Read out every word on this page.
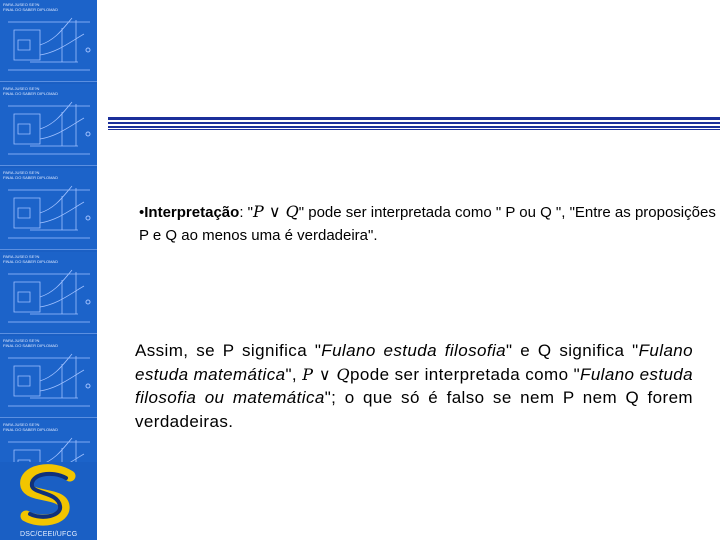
PARA JUSEO SE?N
FINAL DO SABER DIPLOMAD
PARA JUSEO SE?N
FINAL DO SABER DIPLOMAD
PARA JUSEO SE?N
FINAL DO SABER DIPLOMAD
PARA JUSEO SE?N
FINAL DO SABER DIPLOMAD
PARA JUSEO SE?N
FINAL DO SABER DIPLOMAD
PARA JUSEO SE?N
FINAL DO SABER DIPLOMAD
DSC/CEEI/UFCG
•Interpretação: "P ∨ Q" pode ser interpretada como " P ou Q ", "Entre as proposições P e Q ao menos uma é verdadeira".
Assim, se P significa "Fulano estuda filosofia" e Q significa "Fulano estuda matemática", P ∨ Qpode ser interpretada como "Fulano estuda filosofia ou matemática"; o que só é falso se nem P nem Q forem verdadeiras.
